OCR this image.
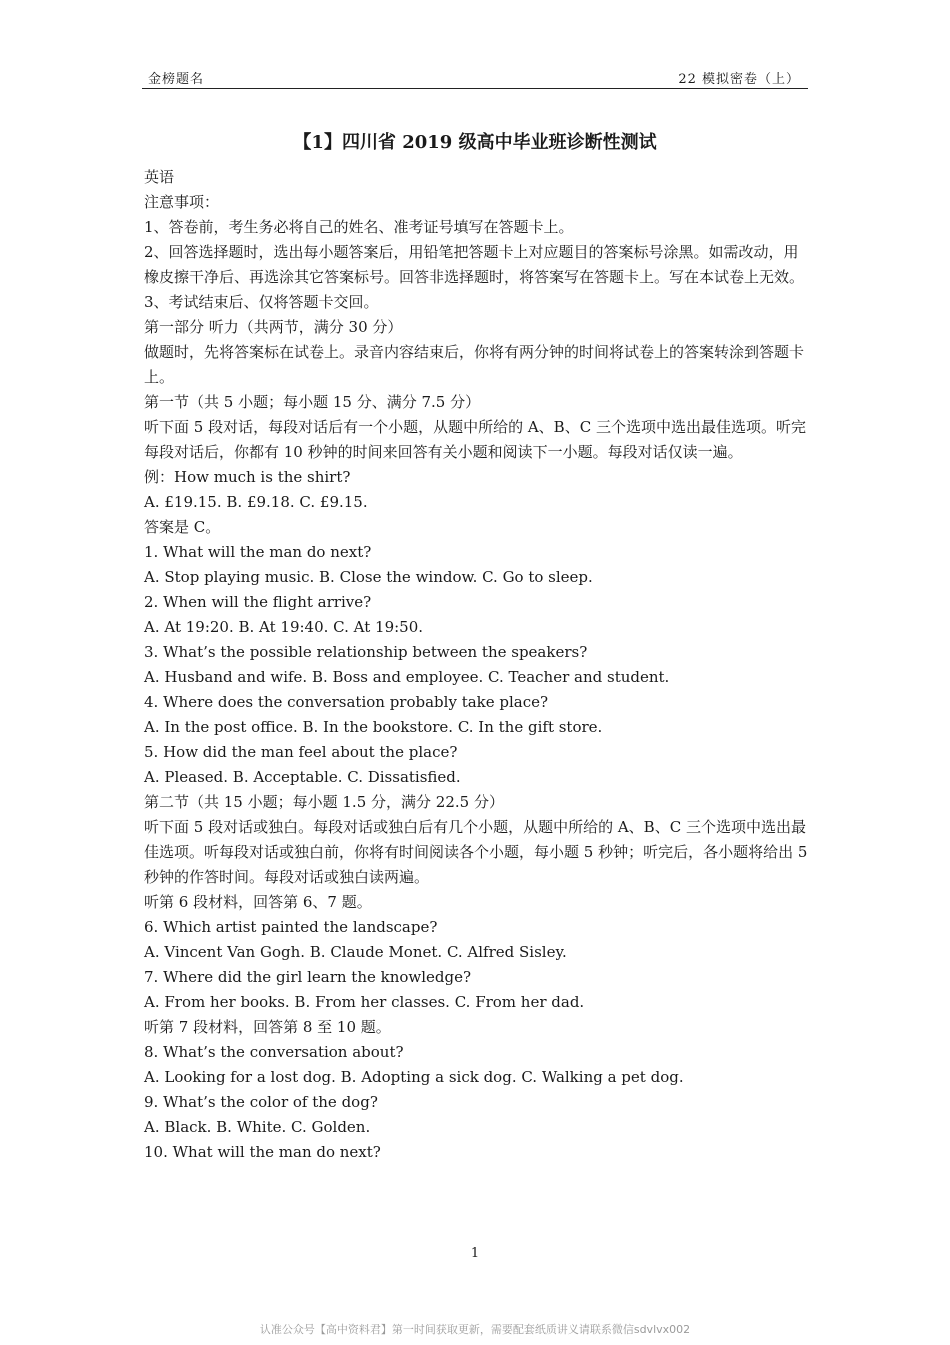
金榜题名	22 模拟密卷（上）
【1】四川省 2019 级高中毕业班诊断性测试

英语

注意事项：

1、答卷前，考生务必将自己的姓名、准考证号填写在答题卡上。

2、回答选择题时，选出每小题答案后，用铅笔把答题卡上对应题目的答案标号涂黑。如需改动，用橡皮擦干净后、再选涂其它答案标号。回答非选择题时，将答案写在答题卡上。写在本试卷上无效。

3、考试结束后、仅将答题卡交回。

第一部分 听力（共两节，满分 30 分）

做题时，先将答案标在试卷上。录音内容结束后，你将有两分钟的时间将试卷上的答案转涂到答题卡上。

第一节（共 5 小题；每小题 15 分、满分 7.5 分）

听下面 5 段对话，每段对话后有一个小题，从题中所给的 A、B、C 三个选项中选出最佳选项。听完每段对话后，你都有 10 秒钟的时间来回答有关小题和阅读下一小题。每段对话仅读一遍。

例：How much is the shirt?

A. £19.15. B. £9.18. C. £9.15.

答案是 C。

1. What will the man do next?

A. Stop playing music. B. Close the window. C. Go to sleep.

2. When will the flight arrive?

A. At 19:20. B. At 19:40. C. At 19:50.

3. What’s the possible relationship between the speakers?

A. Husband and wife. B. Boss and employee. C. Teacher and student.

4. Where does the conversation probably take place?

A. In the post office. B. In the bookstore. C. In the gift store.

5. How did the man feel about the place?

A. Pleased. B. Acceptable. C. Dissatisfied.

第二节（共 15 小题；每小题 1.5 分，满分 22.5 分）

听下面 5 段对话或独白。每段对话或独白后有几个小题，从题中所给的 A、B、C 三个选项中选出最佳选项。听每段对话或独白前，你将有时间阅读各个小题，每小题 5 秒钟；听完后，各小题将给出 5 秒钟的作答时间。每段对话或独白读两遍。

听第 6 段材料，回答第 6、7 题。

6. Which artist painted the landscape?

A. Vincent Van Gogh. B. Claude Monet. C. Alfred Sisley.

7. Where did the girl learn the knowledge?

A. From her books. B. From her classes. C. From her dad.

听第 7 段材料，回答第 8 至 10 题。

8. What’s the conversation about?

A. Looking for a lost dog. B. Adopting a sick dog. C. Walking a pet dog.

9. What’s the color of the dog?

A. Black. B. White. C. Golden.

10. What will the man do next?

1
认准公众号【高中资料君】第一时间获取更新，需要配套纸质讲义请联系微信sdvlvx002
